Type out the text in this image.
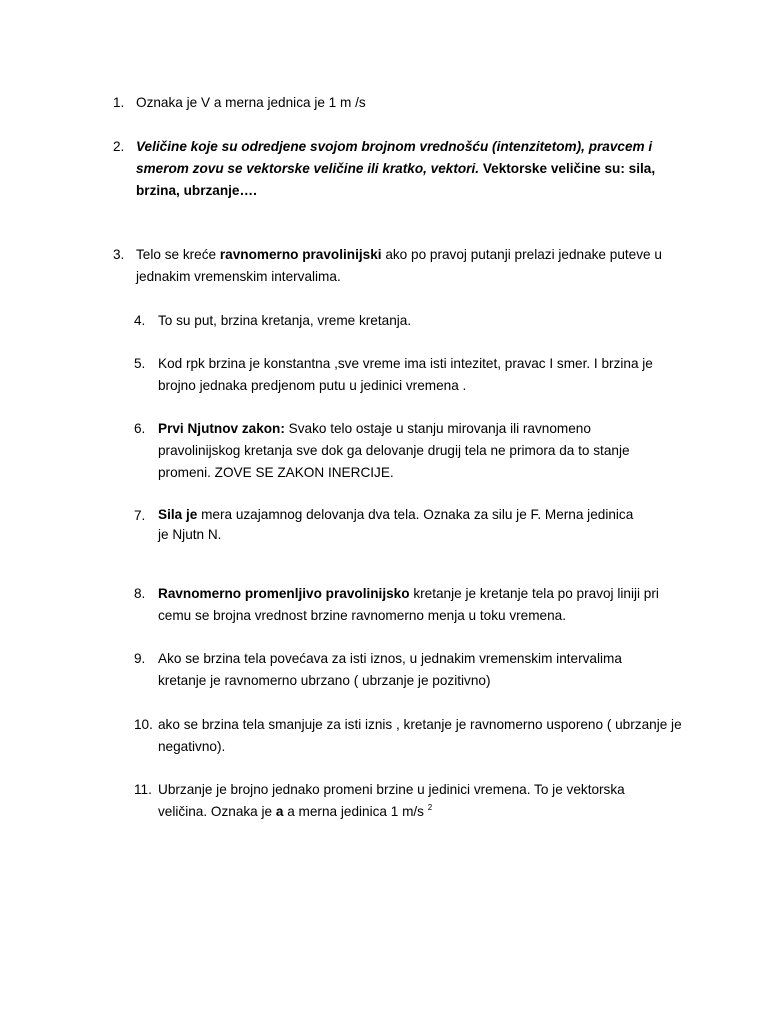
1. Oznaka je V a merna jednica je 1 m /s
2. Veličine koje su odredjene svojom brojnom vrednošću (intenzitetom), pravcem i smerom zovu se vektorske veličine ili kratko, vektori. Vektorske veličine su: sila, brzina, ubrzanje….
3. Telo se kreće ravnomerno pravolinijski ako po pravoj putanji prelazi jednake puteve u jednakim vremenskim intervalima.
4. To su put, brzina kretanja, vreme kretanja.
5. Kod rpk brzina je konstantna ,sve vreme ima isti intezitet, pravac I smer. I brzina je brojno jednaka predjenom putu u jedinici vremena .
6. Prvi Njutnov zakon: Svako telo ostaje u stanju mirovanja ili ravnomeno pravolinijskog kretanja sve dok ga delovanje drugij tela ne primora da to stanje promeni. ZOVE SE ZAKON INERCIJE.
7. Sila je mera uzajamnog delovanja dva tela. Oznaka za silu je F. Merna jedinica
je Njutn N.
8. Ravnomerno promenljivo pravolinijsko kretanje je kretanje tela po pravoj liniji pri cemu se brojna vrednost brzine ravnomerno menja u toku vremena.
9. Ako se brzina tela povećava za isti iznos, u jednakim vremenskim intervalima kretanje je ravnomerno ubrzano ( ubrzanje je pozitivno)
10. ako se brzina tela smanjuje za isti iznis , kretanje je ravnomerno usporeno ( ubrzanje je negativno).
11. Ubrzanje je brojno jednako promeni brzine u jedinici vremena. To je vektorska veličina. Oznaka je a a merna jedinica 1 m/s $^2$
